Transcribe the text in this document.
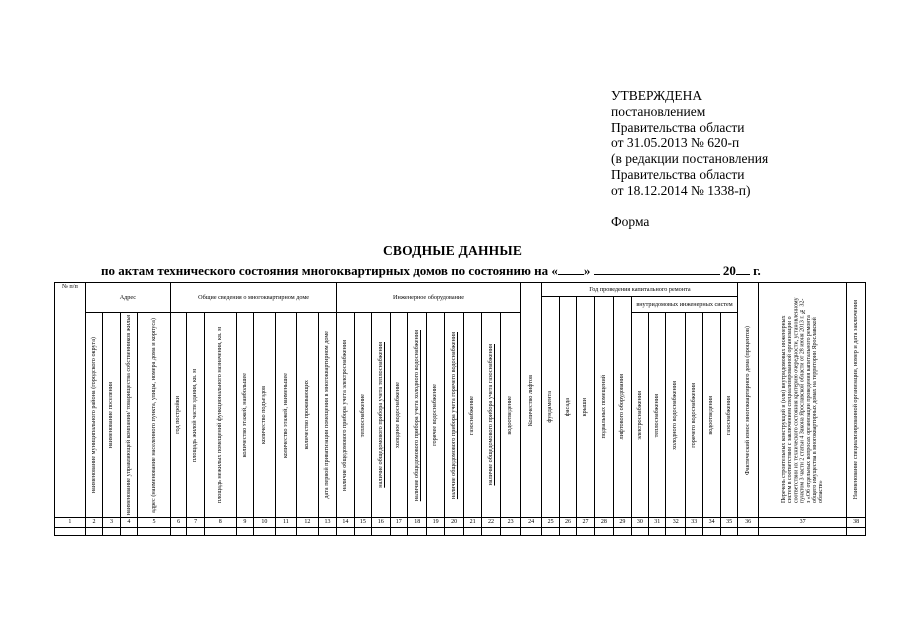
УТВЕРЖДЕНА
постановлением
Правительства области
от 31.05.2013 № 620-п
(в редакции постановления
Правительства области
от 18.12.2014 № 1338-п)
Форма
СВОДНЫЕ ДАННЫЕ
по актам технического состояния многоквартирных домов по состоянию на « »	20 г.
№ п/п	Адрес				Общие сведения о многоквартирном доме								Инженерное оборудование										Количество лифтов	Год проведения капитального ремонта											Фактический износ многоквартирного дома (процентов)	Перечень строительных конструкций и (или) внутридомовых инженерных систем в соответствии с заключением специализированной организации о соответствии их технического состояния критерию очередности, установленному пунктом 3 части 2 статьи 4 Закона Ярославской области от 28 июня 2013 г. № 32-з «Об отдельных вопросах организации проведения капитального ремонта общего имущества в многоквартирных домах на территории Ярославской области»	Наименование специализированной организации, номер и дата заключения

																								фундамента	фасада	крыши	подвальных помещений	лифтового оборудования	внутридомовых инженерных систем								

	наименование муниципального района (городского округа)	наименование поселения	наименование управляющей компании/ товарищества собственников жилья	адрес (наименование населенного пункта, улицы, номера дома и корпуса)	год постройки	площадь жилой части здания, кв. м	площадь нежилых помещений функционального назначения, кв. м	количество этажей, наибольшее	количество подъездов	количество этажей, наименьшее	количество проживающих	дата первой приватизации помещения в многоквартирном доме	наличие общедомового прибора учета электроснабжения	теплоснабжение	наличие общедомового прибора учета теплоснабжения	холодное водоснабжение	наличие общедомового прибора учета холодного водоснабжения	горячее водоснабжение	наличие общедомового прибора учета горячего водоснабжения	газоснабжение	наличие общедомового прибора учета газоснабжения	водоотведение							электроснабжения	теплоснабжения	холодного водоснабжения	горячего водоснабжения	водоотведения	газоснабжения			

1	2	3	4	5	6	7	8	9	10	11	12	13	14	15	16	17	18	19	20	21	22	23	24	25	26	27	28	29	30	31	32	33	34	35	36	37	38
